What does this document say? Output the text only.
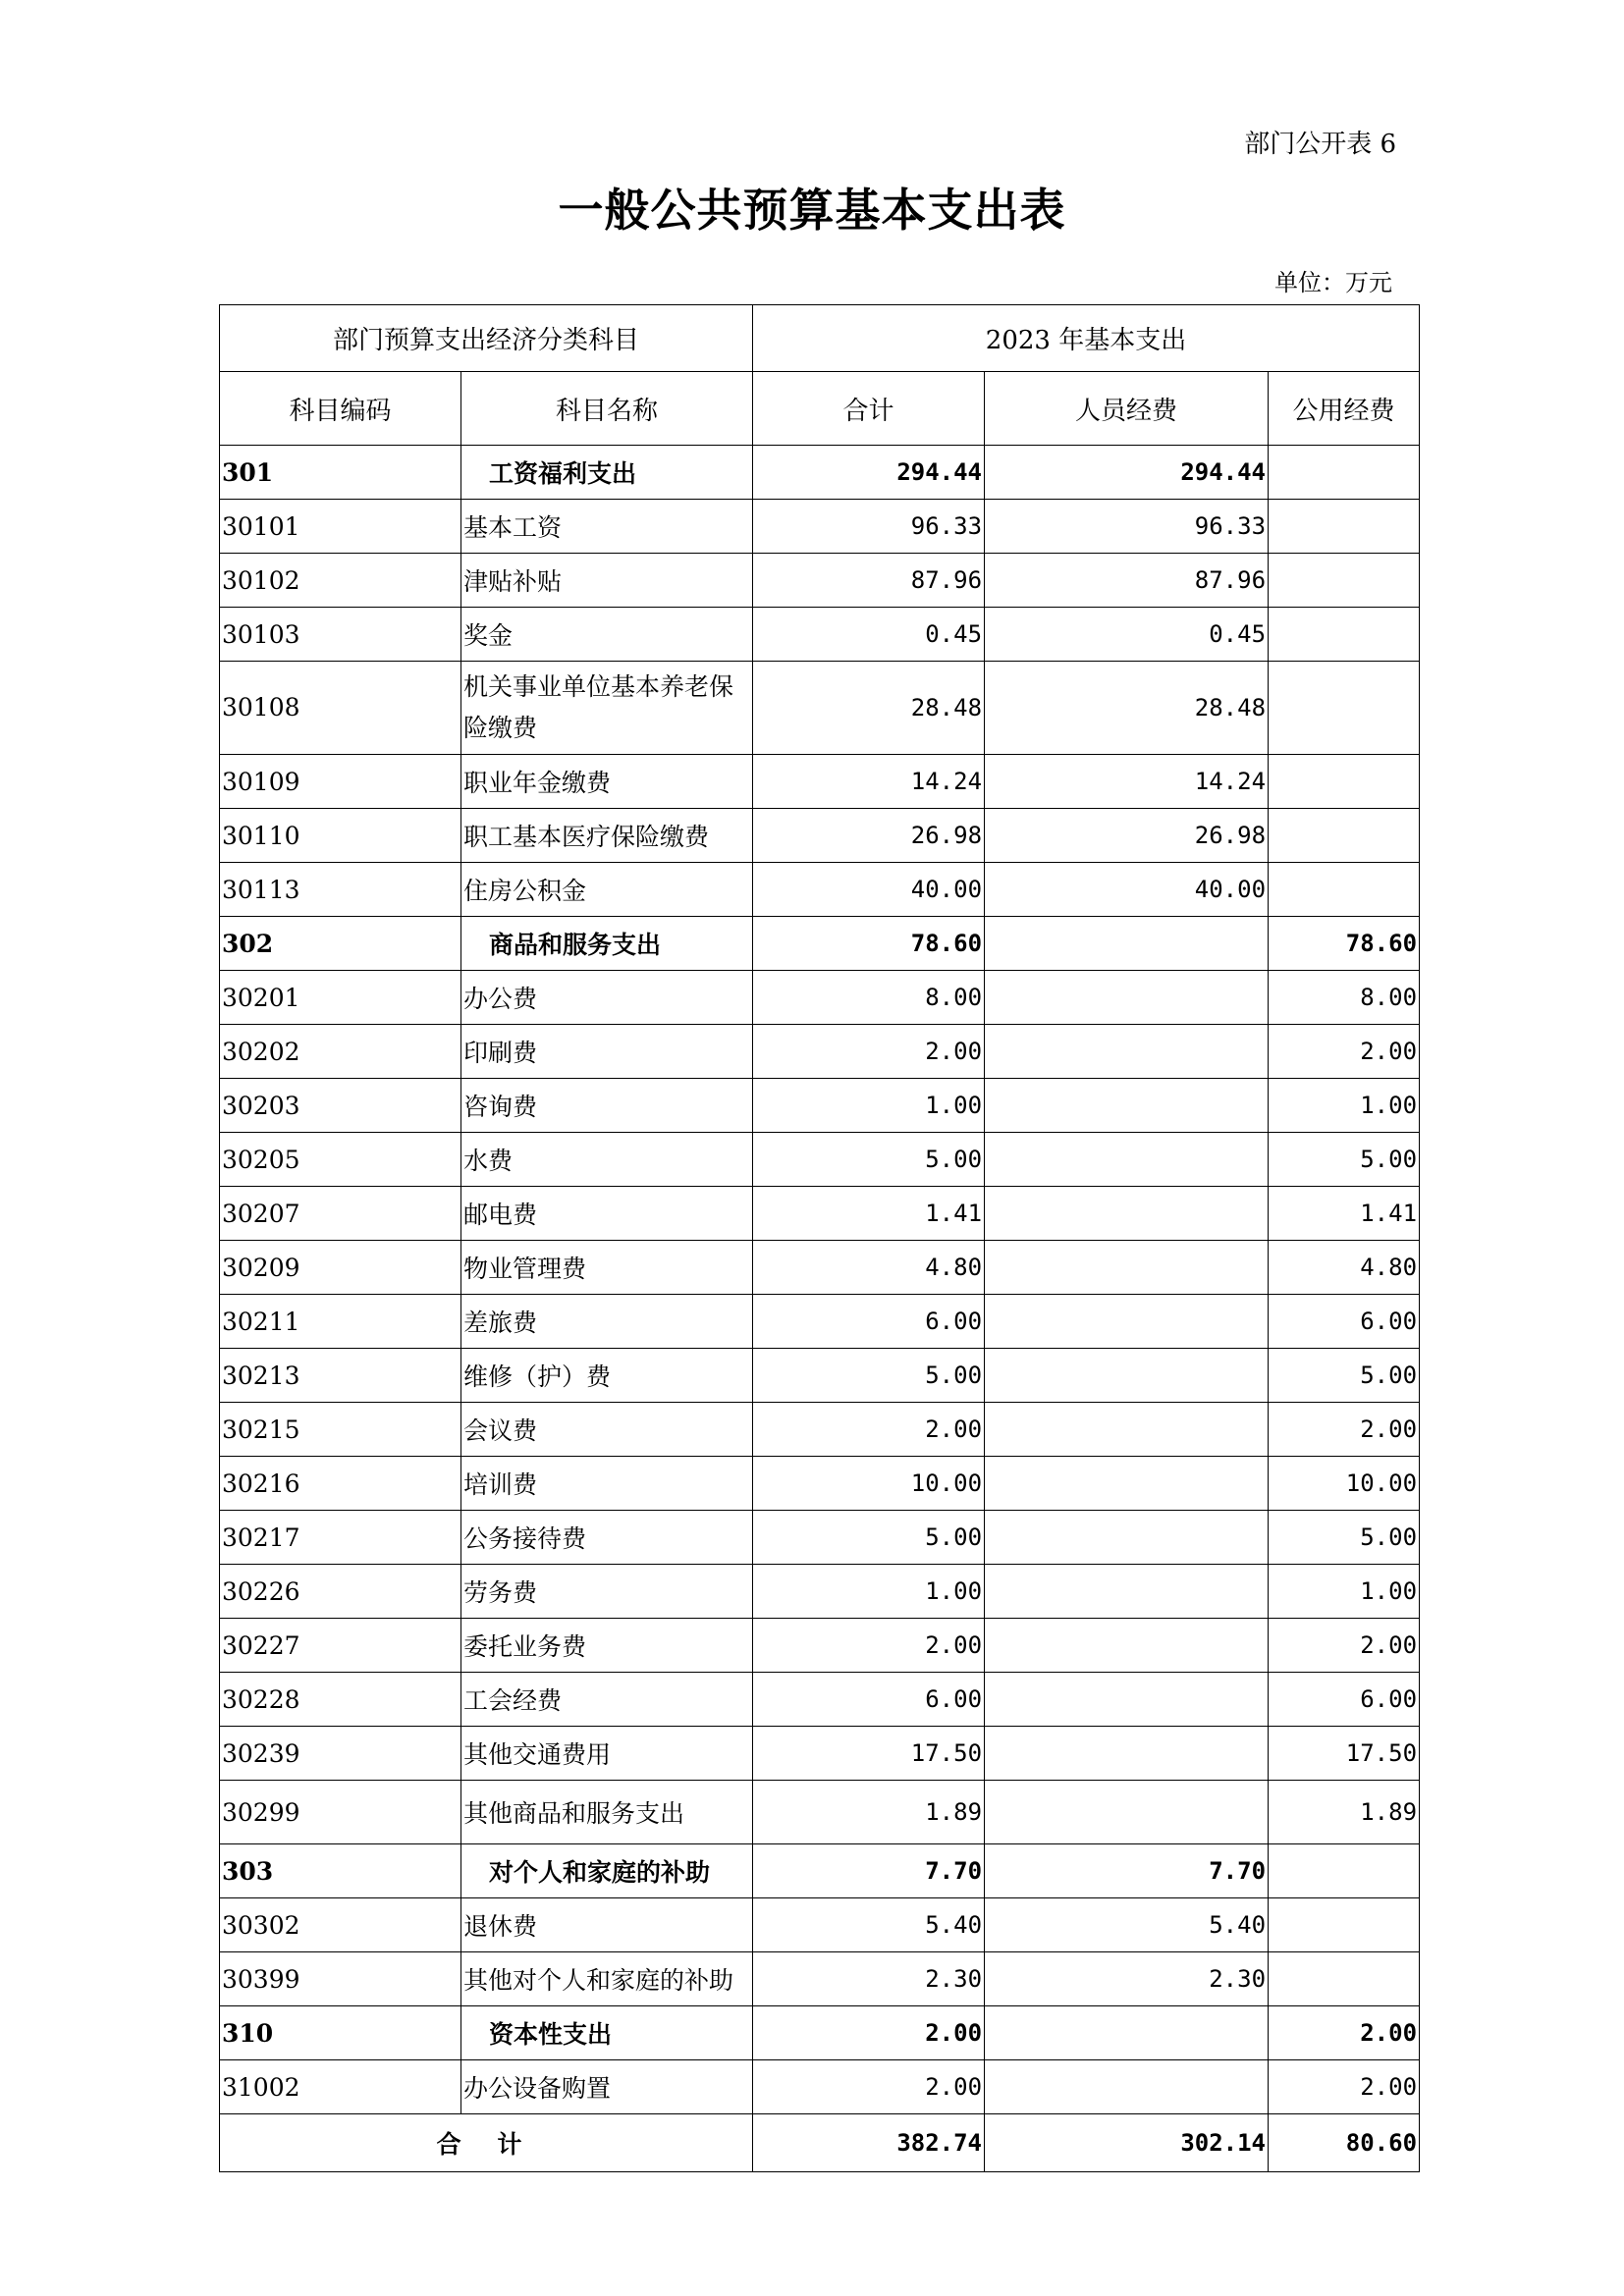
部门公开表 6
一般公共预算基本支出表
单位：万元
部门预算支出经济分类科目		2023 年基本支出		
科目编码	科目名称	合计	人员经费	公用经费
301	工资福利支出	294.44	294.44	
30101	基本工资	96.33	96.33	
30102	津贴补贴	87.96	87.96	
30103	奖金	0.45	0.45	
30108	机关事业单位基本养老保险缴费	28.48	28.48	
30109	职业年金缴费	14.24	14.24	
30110	职工基本医疗保险缴费	26.98	26.98	
30113	住房公积金	40.00	40.00	
302	商品和服务支出	78.60		78.60
30201	办公费	8.00		8.00
30202	印刷费	2.00		2.00
30203	咨询费	1.00		1.00
30205	水费	5.00		5.00
30207	邮电费	1.41		1.41
30209	物业管理费	4.80		4.80
30211	差旅费	6.00		6.00
30213	维修（护）费	5.00		5.00
30215	会议费	2.00		2.00
30216	培训费	10.00		10.00
30217	公务接待费	5.00		5.00
30226	劳务费	1.00		1.00
30227	委托业务费	2.00		2.00
30228	工会经费	6.00		6.00
30239	其他交通费用	17.50		17.50
30299	其他商品和服务支出	1.89		1.89
303	对个人和家庭的补助	7.70	7.70	
30302	退休费	5.40	5.40	
30399	其他对个人和家庭的补助	2.30	2.30	
310	资本性支出	2.00		2.00
31002	办公设备购置	2.00		2.00
合 计		382.74	302.14	80.60
